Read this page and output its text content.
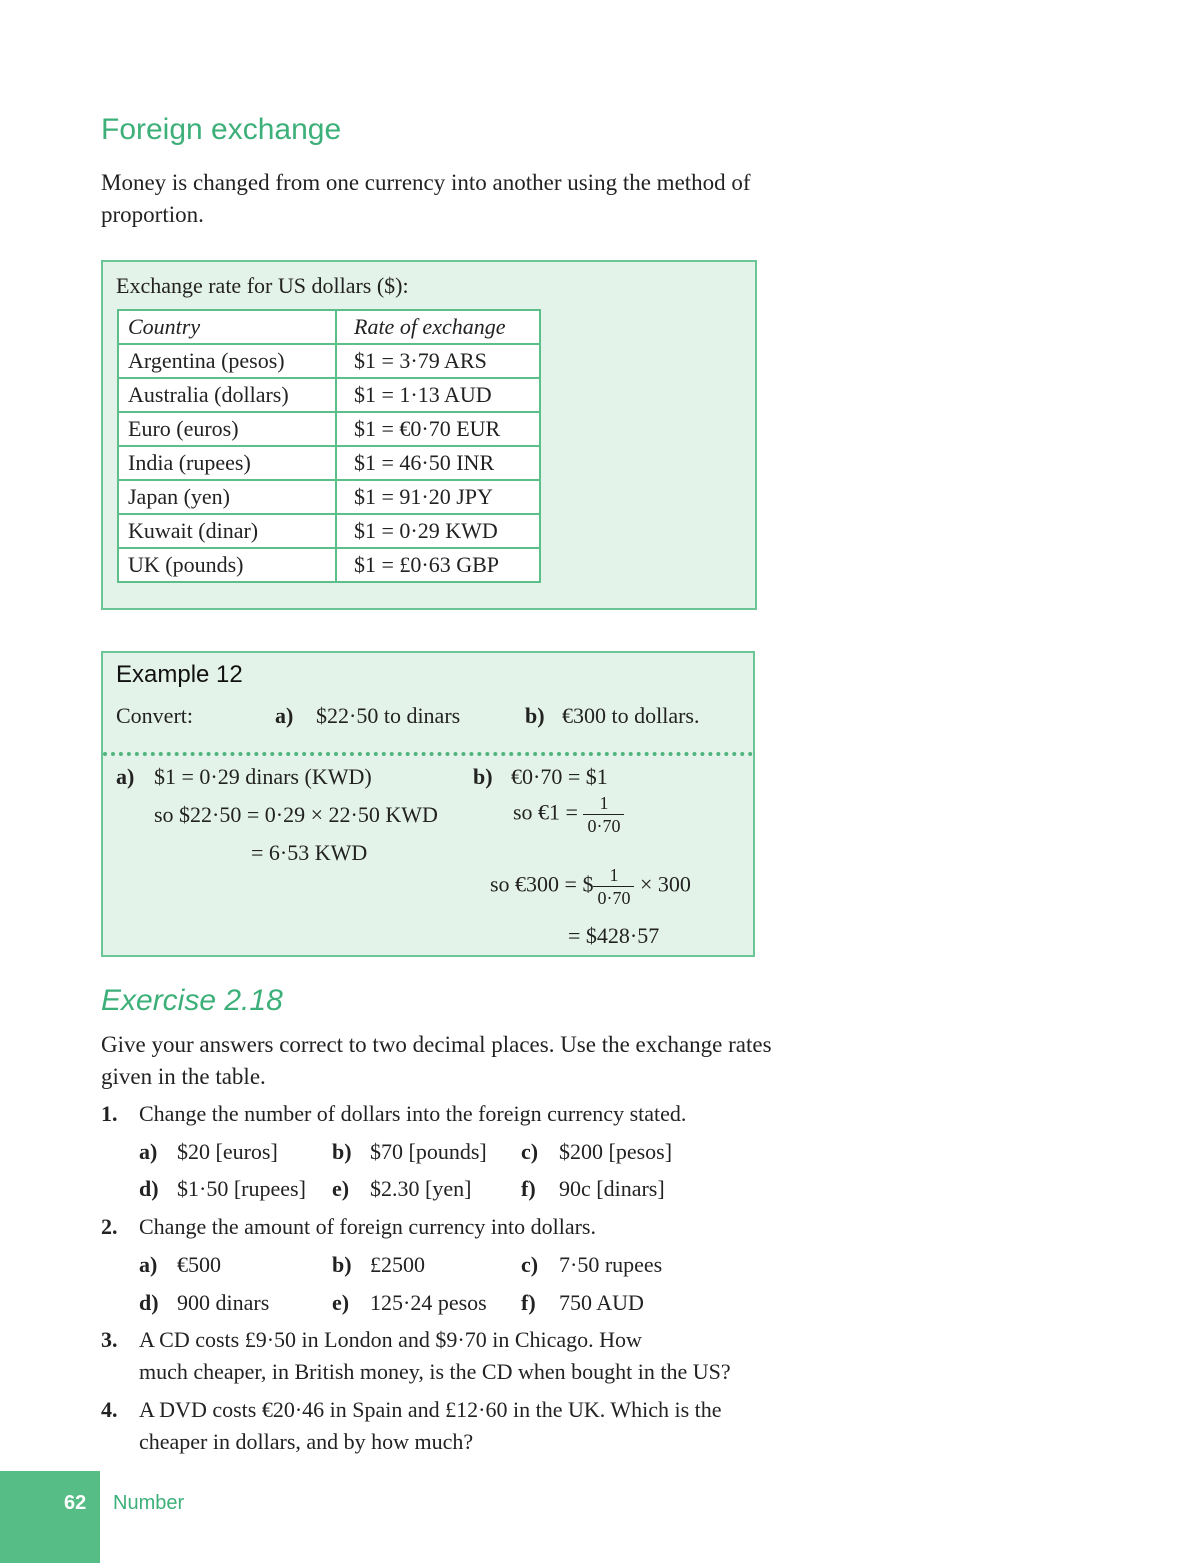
Foreign exchange
Money is changed from one currency into another using the method of
proportion.
Exchange rate for US dollars ($):
Country	Rate of exchange
Argentina (pesos)	$1 = 3·79 ARS
Australia (dollars)	$1 = 1·13 AUD
Euro (euros)	$1 = €0·70 EUR
India (rupees)	$1 = 46·50 INR
Japan (yen)	$1 = 91·20 JPY
Kuwait (dinar)	$1 = 0·29 KWD
UK (pounds)	$1 = £0·63 GBP
Example 12
Convert:	a) $22·50 to dinars	b) €300 to dollars.
a) $1 = 0·29 dinars (KWD)
so $22·50 = 0·29 × 22·50 KWD
= 6·53 KWD
b) €0·70 = $1
so €1 = $\frac{1}{0\cdot 70}$
so €300 = $ $\frac{1}{0\cdot 70} \times 300$
= $428·57
Exercise 2.18
Give your answers correct to two decimal places. Use the exchange rates
given in the table.
1. Change the number of dollars into the foreign currency stated.
a) $20 [euros] b) $70 [pounds] c) $200 [pesos]
d) $1·50 [rupees] e) $2.30 [yen] f) 90c [dinars]
2. Change the amount of foreign currency into dollars.
a) €500	b) £2500	c) 7·50 rupees
d) 900 dinars	e) 125·24 pesos f) 750 AUD
3. A CD costs £9·50 in London and $9·70 in Chicago. How
much cheaper, in British money, is the CD when bought in the US?
4. A DVD costs €20·46 in Spain and £12·60 in the UK. Which is the
cheaper in dollars, and by how much?
62 Number
